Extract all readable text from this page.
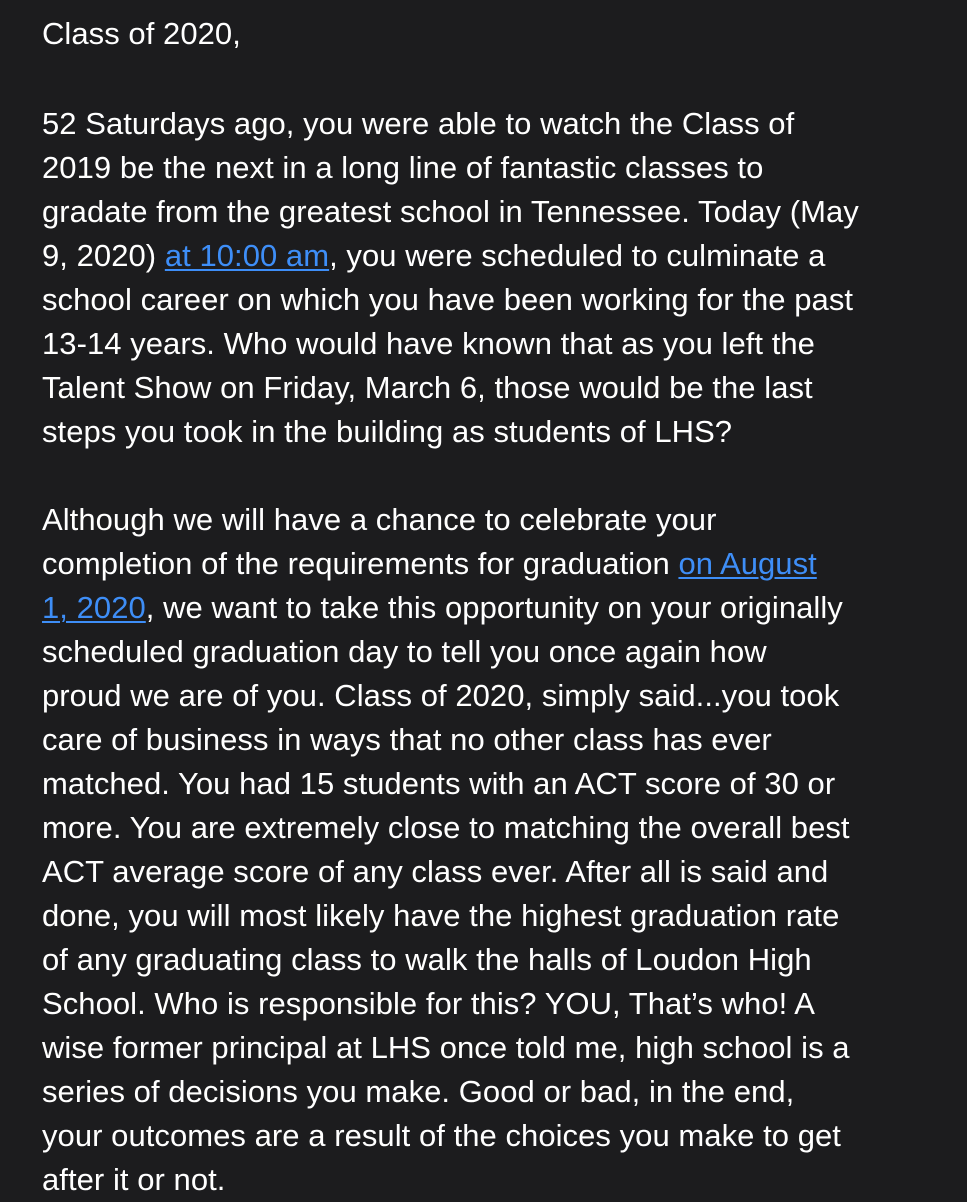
Class of 2020,
52 Saturdays ago, you were able to watch the Class of
2019 be the next in a long line of fantastic classes to
gradate from the greatest school in Tennessee. Today (May
9, 2020) at 10:00 am, you were scheduled to culminate a
school career on which you have been working for the past
13-14 years. Who would have known that as you left the
Talent Show on Friday, March 6, those would be the last
steps you took in the building as students of LHS?
Although we will have a chance to celebrate your
completion of the requirements for graduation on August
1, 2020, we want to take this opportunity on your originally
scheduled graduation day to tell you once again how
proud we are of you. Class of 2020, simply said...you took
care of business in ways that no other class has ever
matched. You had 15 students with an ACT score of 30 or
more. You are extremely close to matching the overall best
ACT average score of any class ever. After all is said and
done, you will most likely have the highest graduation rate
of any graduating class to walk the halls of Loudon High
School. Who is responsible for this? YOU, That’s who! A
wise former principal at LHS once told me, high school is a
series of decisions you make. Good or bad, in the end,
your outcomes are a result of the choices you make to get
after it or not.
